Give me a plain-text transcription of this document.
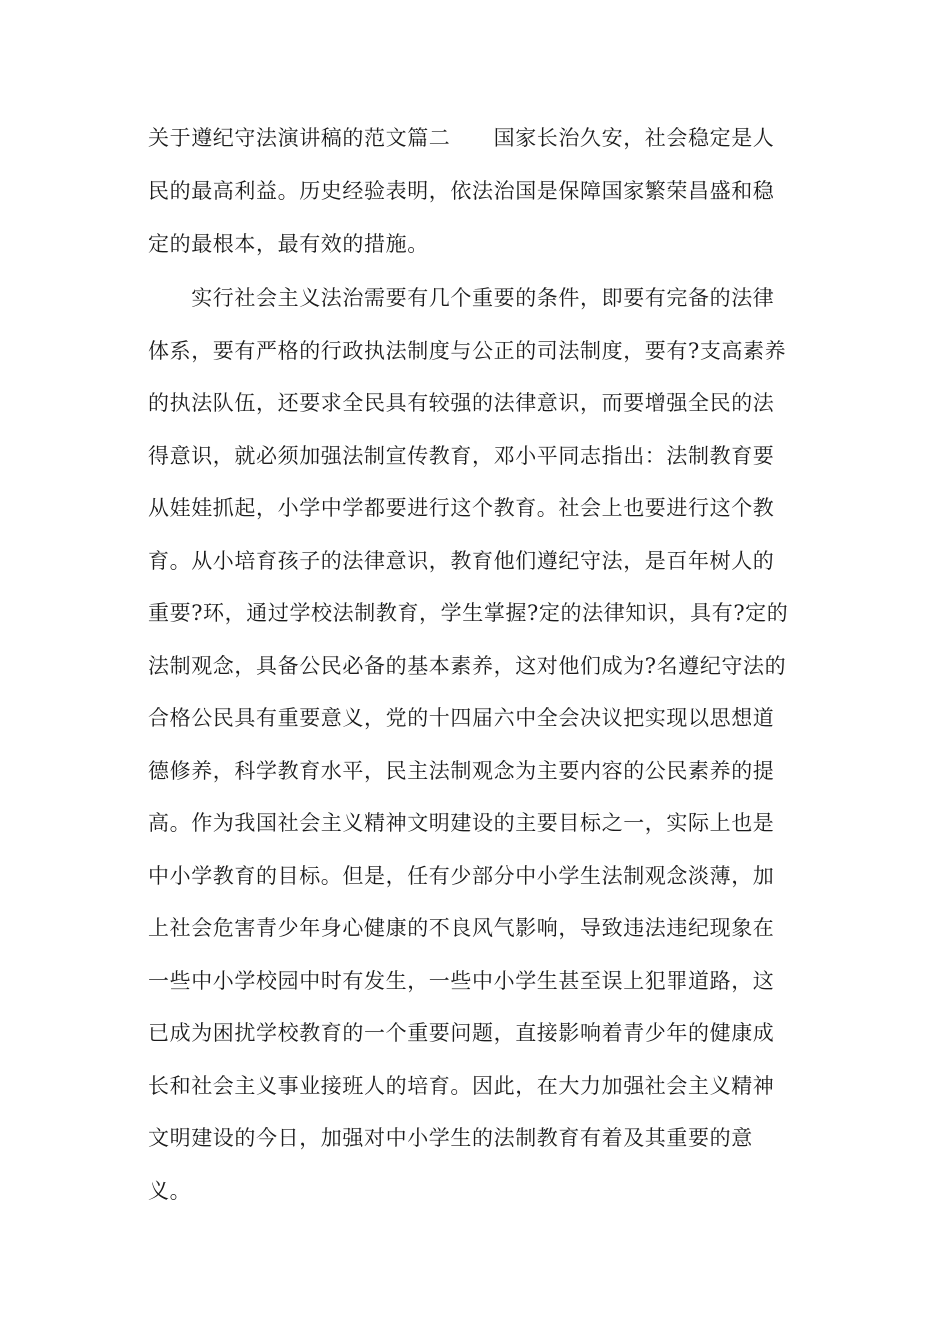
关于遵纪守法演讲稿的范文篇二　　国家长治久安，社会稳定是人
民的最高利益。历史经验表明，依法治国是保障国家繁荣昌盛和稳
定的最根本，最有效的措施。
　　实行社会主义法治需要有几个重要的条件，即要有完备的法律
体系，要有严格的行政执法制度与公正的司法制度，要有?支高素养
的执法队伍，还要求全民具有较强的法律意识，而要增强全民的法
得意识，就必须加强法制宣传教育，邓小平同志指出：法制教育要
从娃娃抓起，小学中学都要进行这个教育。社会上也要进行这个教
育。从小培育孩子的法律意识，教育他们遵纪守法，是百年树人的
重要?环，通过学校法制教育，学生掌握?定的法律知识，具有?定的
法制观念，具备公民必备的基本素养，这对他们成为?名遵纪守法的
合格公民具有重要意义，党的十四届六中全会决议把实现以思想道
德修养，科学教育水平，民主法制观念为主要内容的公民素养的提
高。作为我国社会主义精神文明建设的主要目标之一，实际上也是
中小学教育的目标。但是，任有少部分中小学生法制观念淡薄，加
上社会危害青少年身心健康的不良风气影响，导致违法违纪现象在
一些中小学校园中时有发生，一些中小学生甚至误上犯罪道路，这
已成为困扰学校教育的一个重要问题，直接影响着青少年的健康成
长和社会主义事业接班人的培育。因此，在大力加强社会主义精神
文明建设的今日，加强对中小学生的法制教育有着及其重要的意
义。
